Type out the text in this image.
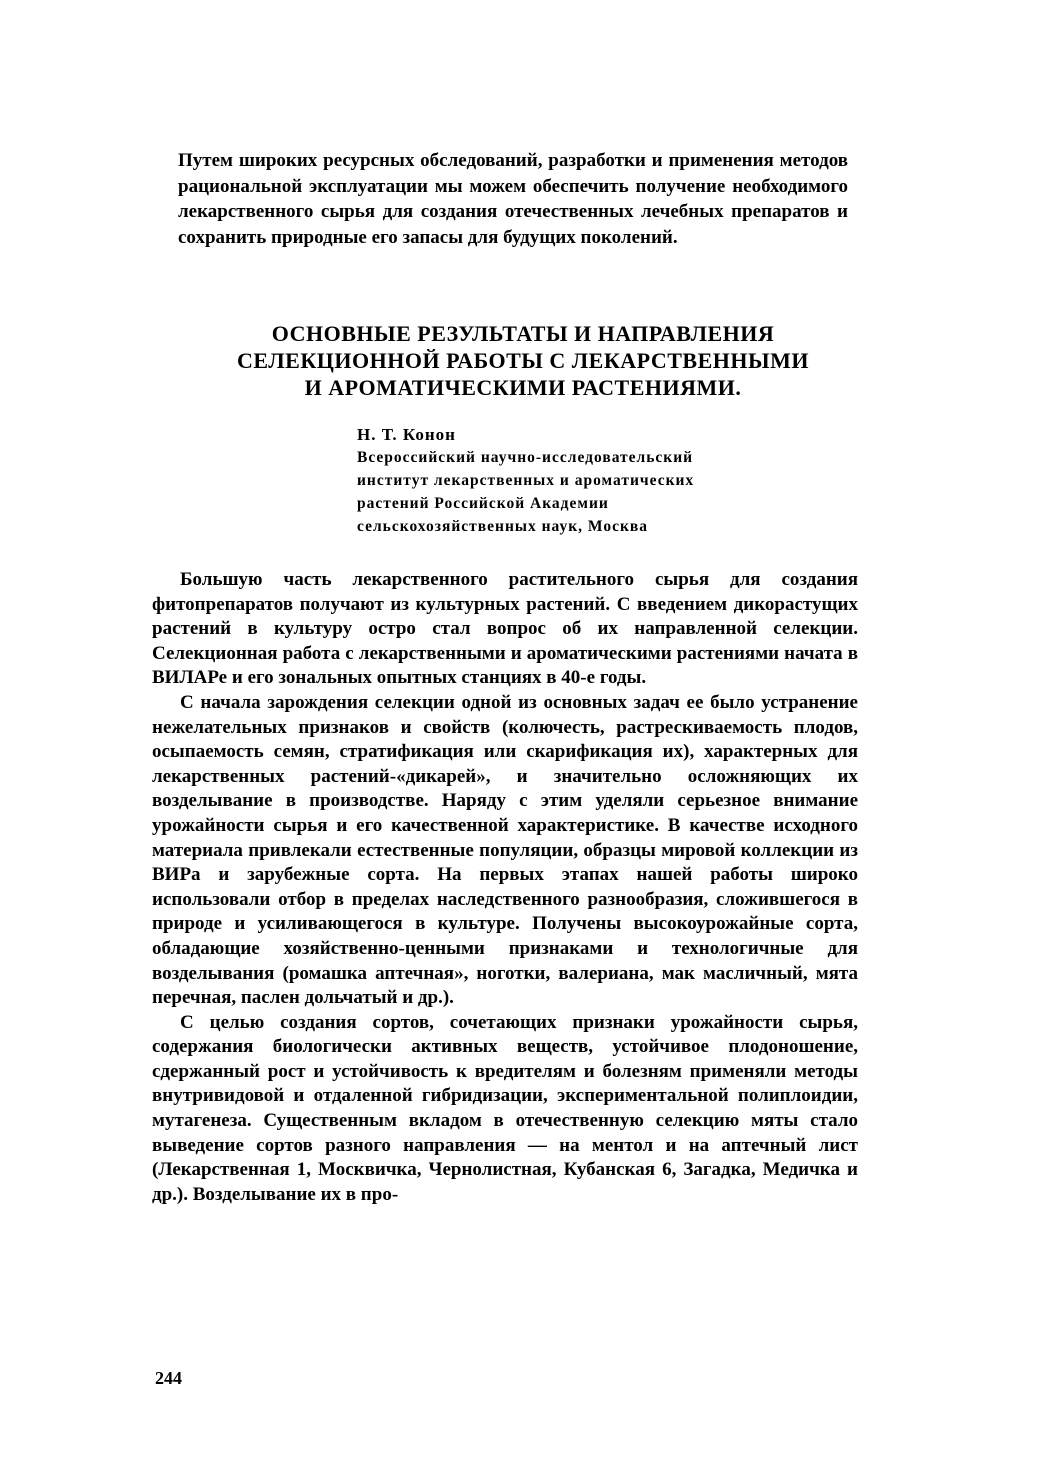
Путем широких ресурсных обследований, разработки и применения методов рациональной эксплуатации мы можем обеспечить получение необходимого лекарственного сырья для создания отечественных лечебных препаратов и сохранить природные его запасы для будущих поколений.

ОСНОВНЫЕ РЕЗУЛЬТАТЫ И НАПРАВЛЕНИЯ
СЕЛЕКЦИОННОЙ РАБОТЫ С ЛЕКАРСТВЕННЫМИ
И АРОМАТИЧЕСКИМИ РАСТЕНИЯМИ.
Н. Т. Конон
Всероссийский научно-исследовательский
институт лекарственных и ароматических
растений Российской Академии
сельскохозяйственных наук, Москва

Большую часть лекарственного растительного сырья для создания фитопрепаратов получают из культурных растений. С введением дикорастущих растений в культуру остро стал вопрос об их направленной селекции. Селекционная работа с лекарственными и ароматическими растениями начата в ВИЛАРе и его зональных опытных станциях в 40-е годы.

С начала зарождения селекции одной из основных задач ее было устранение нежелательных признаков и свойств (колючесть, растрескиваемость плодов, осыпаемость семян, стратификация или скарификация их), характерных для лекарственных растений-«дикарей», и значительно осложняющих их возделывание в производстве. Наряду с этим уделяли серьезное внимание урожайности сырья и его качественной характеристике. В качестве исходного материала привлекали естественные популяции, образцы мировой коллекции из ВИРа и зарубежные сорта. На первых этапах нашей работы широко использовали отбор в пределах наследственного разнообразия, сложившегося в природе и усиливающегося в культуре. Получены высокоурожайные сорта, обладающие хозяйственно-ценными признаками и технологичные для возделывания (ромашка аптечная», ноготки, валериана, мак масличный, мята перечная, паслен дольчатый и др.).

С целью создания сортов, сочетающих признаки урожайности сырья, содержания биологически активных веществ, устойчивое плодоношение, сдержанный рост и устойчивость к вредителям и болезням применяли методы внутривидовой и отдаленной гибридизации, экспериментальной полиплоидии, мутагенеза. Существенным вкладом в отечественную селекцию мяты стало выведение сортов разного направления — на ментол и на аптечный лист (Лекарственная 1, Москвичка, Чернолистная, Кубанская 6, Загадка, Медичка и др.). Возделывание их в про-

244
